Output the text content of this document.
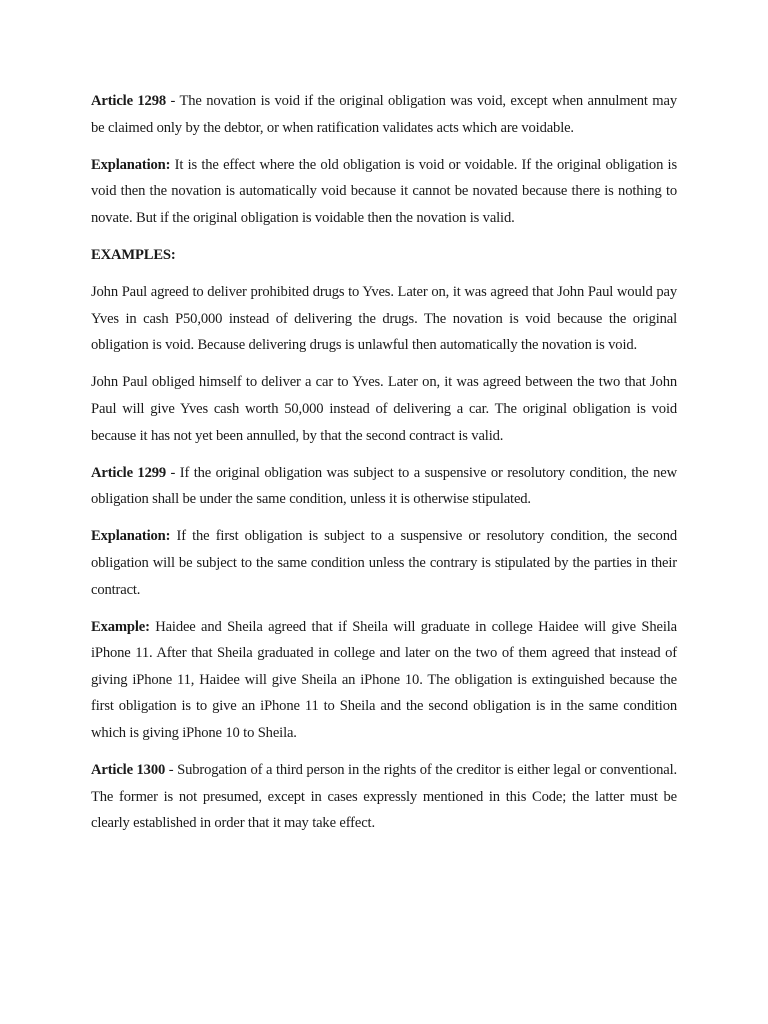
Article 1298 - The novation is void if the original obligation was void, except when annulment may be claimed only by the debtor, or when ratification validates acts which are voidable.

Explanation: It is the effect where the old obligation is void or voidable. If the original obligation is void then the novation is automatically void because it cannot be novated because there is nothing to novate. But if the original obligation is voidable then the novation is valid.

EXAMPLES:

John Paul agreed to deliver prohibited drugs to Yves. Later on, it was agreed that John Paul would pay Yves in cash P50,000 instead of delivering the drugs. The novation is void because the original obligation is void. Because delivering drugs is unlawful then automatically the novation is void.

John Paul obliged himself to deliver a car to Yves. Later on, it was agreed between the two that John Paul will give Yves cash worth 50,000 instead of delivering a car. The original obligation is void because it has not yet been annulled, by that the second contract is valid.

Article 1299 - If the original obligation was subject to a suspensive or resolutory condition, the new obligation shall be under the same condition, unless it is otherwise stipulated.

Explanation: If the first obligation is subject to a suspensive or resolutory condition, the second obligation will be subject to the same condition unless the contrary is stipulated by the parties in their contract.

Example: Haidee and Sheila agreed that if Sheila will graduate in college Haidee will give Sheila iPhone 11. After that Sheila graduated in college and later on the two of them agreed that instead of giving iPhone 11, Haidee will give Sheila an iPhone 10. The obligation is extinguished because the first obligation is to give an iPhone 11 to Sheila and the second obligation is in the same condition which is giving iPhone 10 to Sheila.

Article 1300 - Subrogation of a third person in the rights of the creditor is either legal or conventional. The former is not presumed, except in cases expressly mentioned in this Code; the latter must be clearly established in order that it may take effect.
